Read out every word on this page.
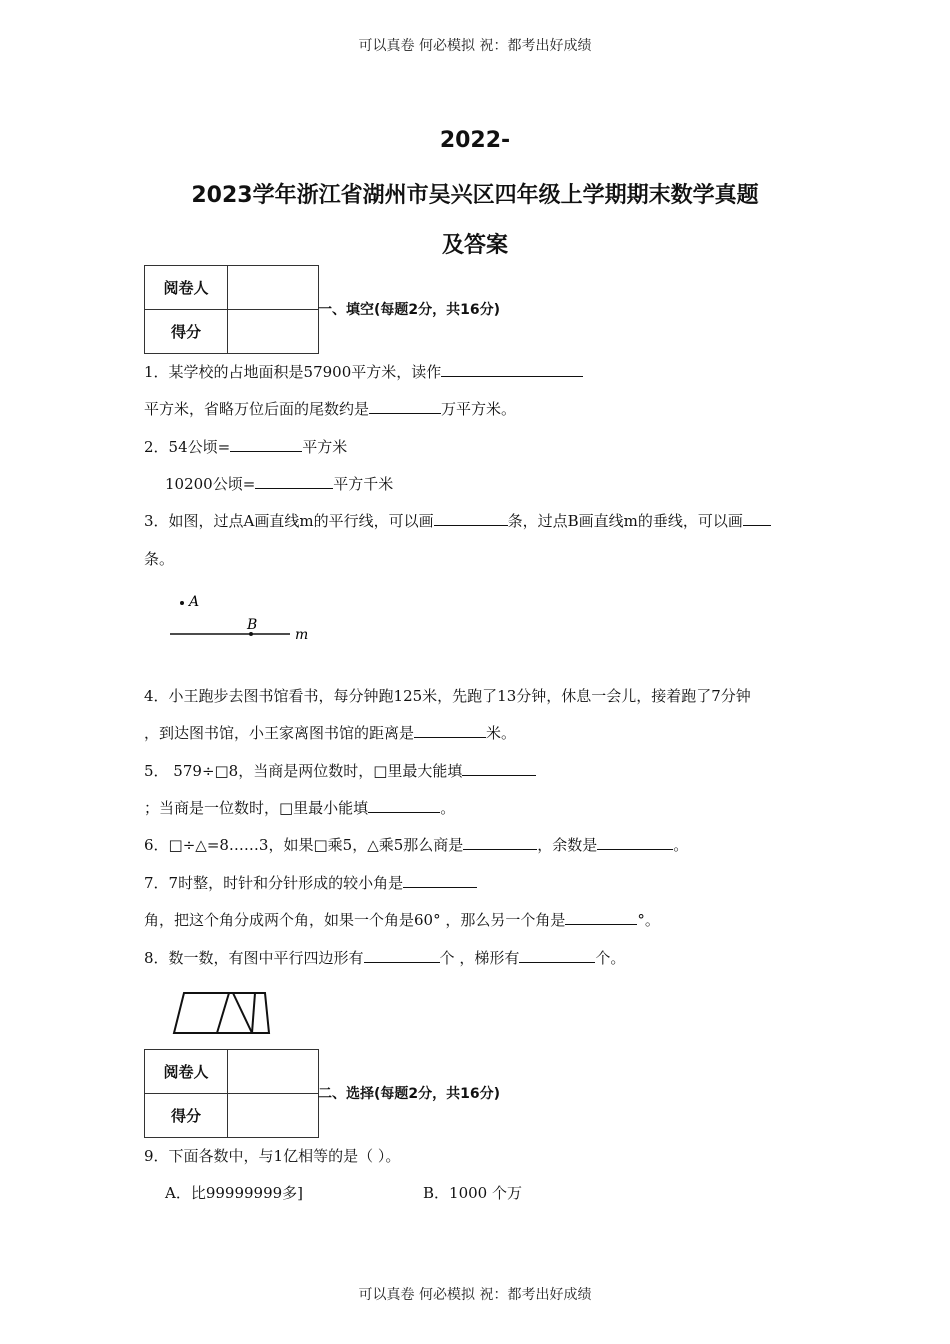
可以真卷 何必模拟 祝：都考出好成绩
2022-
2023学年浙江省湖州市吴兴区四年级上学期期末数学真题
及答案
阅卷人	
得分	
一、填空(每题2分，共16分)
1．某学校的占地面积是57900平方米，读作
平方米，省略万位后面的尾数约是	万平方米。
2．54公顷=	平方米
10200公顷=	平方千米
3．如图，过点A画直线m的平行线，可以画	条，过点B画直线m的垂线，可以画
条。
A
B
m
4．小王跑步去图书馆看书，每分钟跑125米，先跑了13分钟，休息一会儿，接着跑了7分钟
，到达图书馆，小王家离图书馆的距离是	米。
5． 579÷□8，当商是两位数时，□里最大能填
；当商是一位数时，□里最小能填	。
6．□÷△=8……3，如果□乘5，△乘5那么商是	，余数是	。
7．7时整，时针和分针形成的较小角是
角，把这个角分成两个角，如果一个角是60° ，那么另一个角是	°。
8．数一数，有图中平行四边形有	个 ，梯形有	个。
阅卷人	
得分	
二、选择(每题2分，共16分)
9．下面各数中，与1亿相等的是（ ）。
A．比99999999多]	B．1000 个万
可以真卷 何必模拟 祝：都考出好成绩
